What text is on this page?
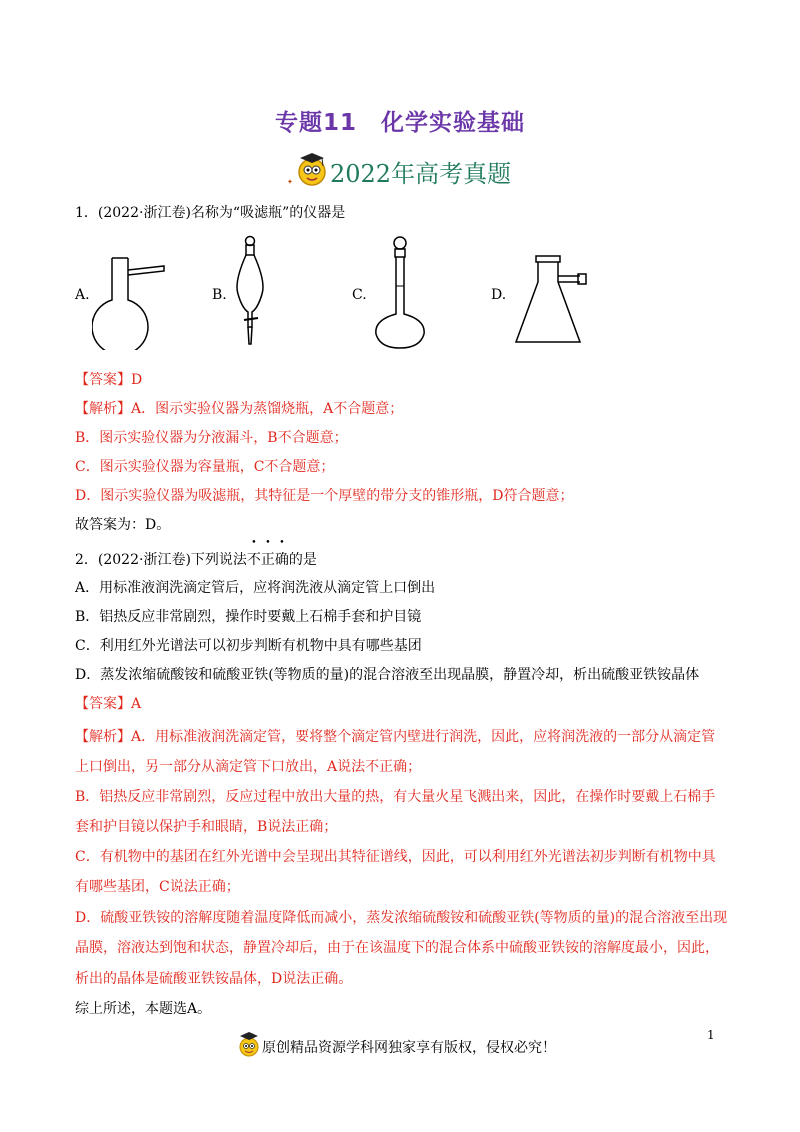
专题11　化学实验基础
✦ 2022年高考真题
1．(2022·浙江卷)名称为“吸滤瓶”的仪器是
A.	B.	C.	D.
【答案】D
【解析】A．图示实验仪器为蒸馏烧瓶，A不合题意；
B．图示实验仪器为分液漏斗，B不合题意；
C．图示实验仪器为容量瓶，C不合题意；
D．图示实验仪器为吸滤瓶，其特征是一个厚壁的带分支的锥形瓶，D符合题意；
故答案为：D。
2．(2022·浙江卷)下列说法不正确的是
A．用标准液润洗滴定管后，应将润洗液从滴定管上口倒出
B．铝热反应非常剧烈，操作时要戴上石棉手套和护目镜
C．利用红外光谱法可以初步判断有机物中具有哪些基团
D．蒸发浓缩硫酸铵和硫酸亚铁(等物质的量)的混合溶液至出现晶膜，静置冷却，析出硫酸亚铁铵晶体
【答案】A
【解析】A．用标准液润洗滴定管，要将整个滴定管内壁进行润洗，因此，应将润洗液的一部分从滴定管
上口倒出，另一部分从滴定管下口放出，A说法不正确；
B．铝热反应非常剧烈，反应过程中放出大量的热，有大量火星飞溅出来，因此，在操作时要戴上石棉手
套和护目镜以保护手和眼睛，B说法正确；
C．有机物中的基团在红外光谱中会呈现出其特征谱线，因此，可以利用红外光谱法初步判断有机物中具
有哪些基团，C说法正确；
D．硫酸亚铁铵的溶解度随着温度降低而减小，蒸发浓缩硫酸铵和硫酸亚铁(等物质的量)的混合溶液至出现
晶膜，溶液达到饱和状态，静置冷却后，由于在该温度下的混合体系中硫酸亚铁铵的溶解度最小，因此，
析出的晶体是硫酸亚铁铵晶体，D说法正确。
综上所述，本题选A。
1
原创精品资源学科网独家享有版权，侵权必究！
